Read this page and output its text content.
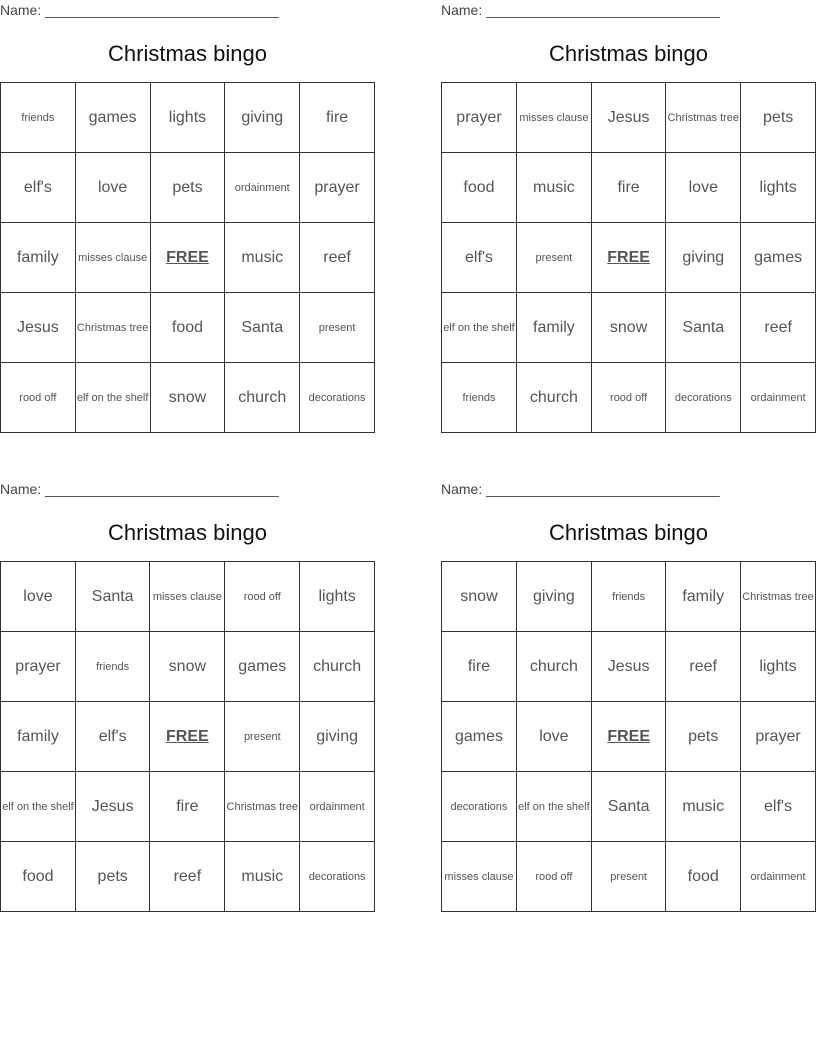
Name: ______________________________
Christmas bingo
friends	games	lights	giving	fire
elf's	love	pets	ordainment	prayer
family	misses clause	FREE	music	reef
Jesus	Christmas tree	food	Santa	present
rood off	elf on the shelf	snow	church	decorations
Name: ______________________________
Christmas bingo
prayer	misses clause	Jesus	Christmas tree	pets
food	music	fire	love	lights
elf's	present	FREE	giving	games
elf on the shelf	family	snow	Santa	reef
friends	church	rood off	decorations	ordainment
Name: ______________________________
Christmas bingo
love	Santa	misses clause	rood off	lights
prayer	friends	snow	games	church
family	elf's	FREE	present	giving
elf on the shelf	Jesus	fire	Christmas tree	ordainment
food	pets	reef	music	decorations
Name: ______________________________
Christmas bingo
snow	giving	friends	family	Christmas tree
fire	church	Jesus	reef	lights
games	love	FREE	pets	prayer
decorations	elf on the shelf	Santa	music	elf's
misses clause	rood off	present	food	ordainment
